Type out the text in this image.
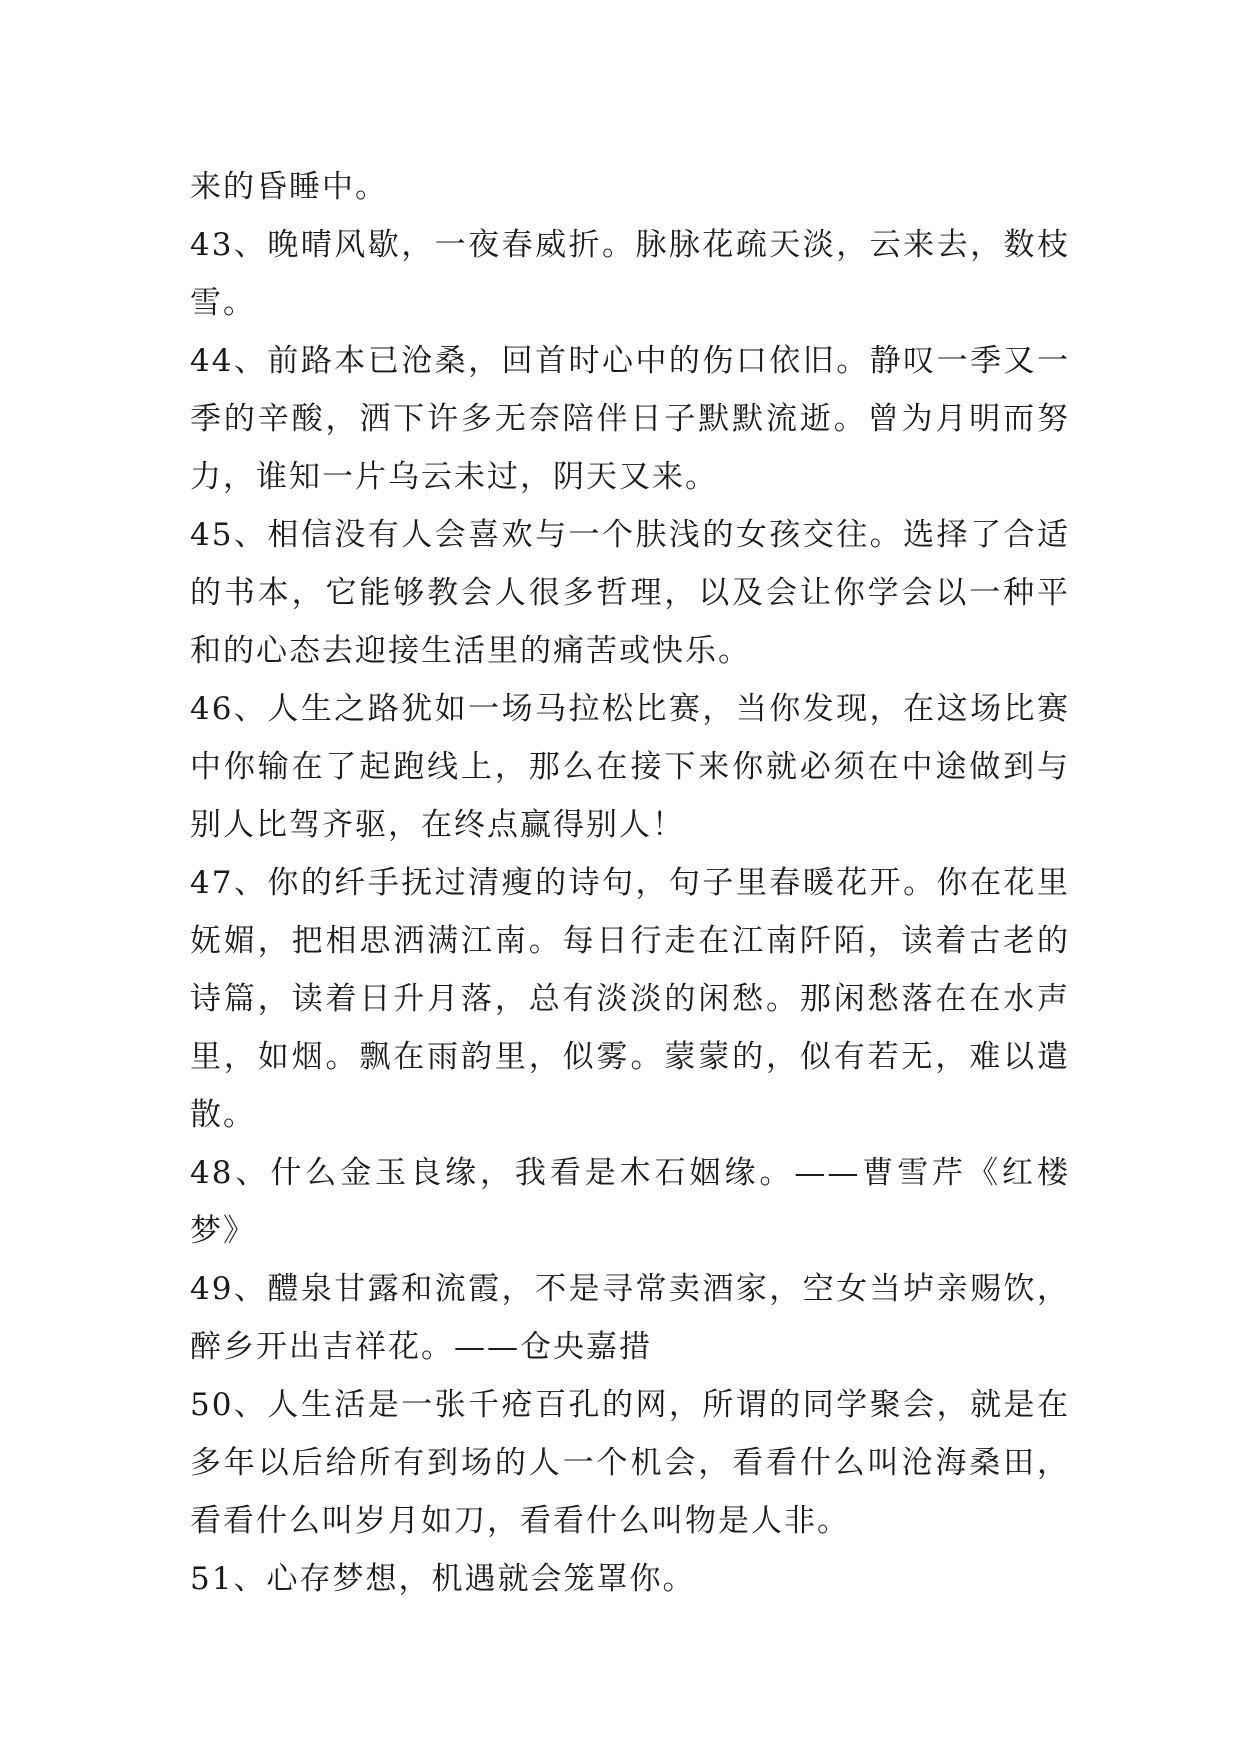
来的昏睡中。

43、晚晴风歇，一夜春威折。脉脉花疏天淡，云来去，数枝雪。

44、前路本已沧桑，回首时心中的伤口依旧。静叹一季又一季的辛酸，洒下许多无奈陪伴日子默默流逝。曾为月明而努力，谁知一片乌云未过，阴天又来。

45、相信没有人会喜欢与一个肤浅的女孩交往。选择了合适的书本，它能够教会人很多哲理，以及会让你学会以一种平和的心态去迎接生活里的痛苦或快乐。

46、人生之路犹如一场马拉松比赛，当你发现，在这场比赛中你输在了起跑线上，那么在接下来你就必须在中途做到与别人比驾齐驱，在终点赢得别人！

47、你的纤手抚过清瘦的诗句，句子里春暖花开。你在花里妩媚，把相思洒满江南。每日行走在江南阡陌，读着古老的诗篇，读着日升月落，总有淡淡的闲愁。那闲愁落在在水声里，如烟。飘在雨韵里，似雾。蒙蒙的，似有若无，难以遣散。

48、什么金玉良缘，我看是木石姻缘。——曹雪芹《红楼梦》

49、醴泉甘露和流霞，不是寻常卖酒家，空女当垆亲赐饮，醉乡开出吉祥花。——仓央嘉措

50、人生活是一张千疮百孔的网，所谓的同学聚会，就是在多年以后给所有到场的人一个机会，看看什么叫沧海桑田，看看什么叫岁月如刀，看看什么叫物是人非。

51、心存梦想，机遇就会笼罩你。
